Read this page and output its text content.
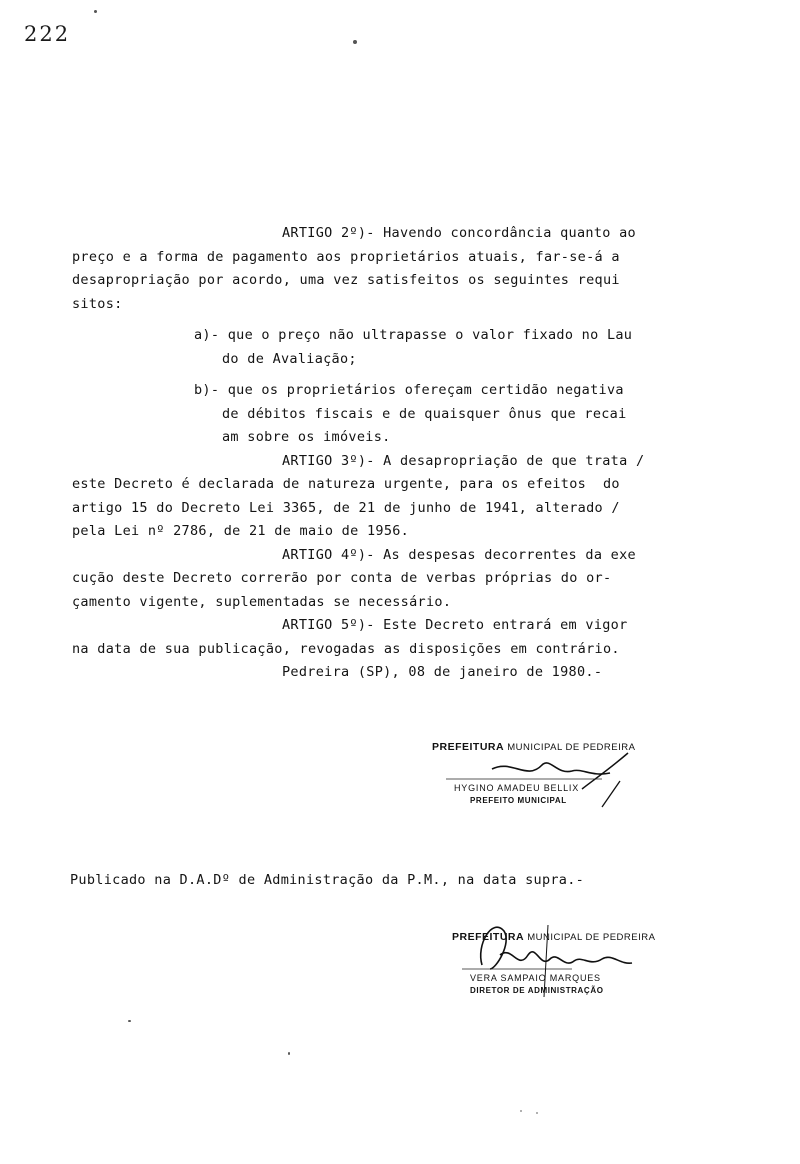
222
ARTIGO 2º)- Havendo concordância quanto ao
preço e a forma de pagamento aos proprietários atuais, far-se-á a
desapropriação por acordo, uma vez satisfeitos os seguintes requi
sitos:
a)- que o preço não ultrapasse o valor fixado no Lau
do de Avaliação;
b)- que os proprietários ofereçam certidão negativa
de débitos fiscais e de quaisquer ônus que recai
am sobre os imóveis.
ARTIGO 3º)- A desapropriação de que trata /
este Decreto é declarada de natureza urgente, para os efeitos  do
artigo 15 do Decreto Lei 3365, de 21 de junho de 1941, alterado /
pela Lei nº 2786, de 21 de maio de 1956.
ARTIGO 4º)- As despesas decorrentes da exe
cução deste Decreto correrão por conta de verbas próprias do or-
çamento vigente, suplementadas se necessário.
ARTIGO 5º)- Este Decreto entrará em vigor
na data de sua publicação, revogadas as disposições em contrário.
Pedreira (SP), 08 de janeiro de 1980.-
PREFEITURA MUNICIPAL DE PEDREIRA
HYGINO AMADEU BELLIX
PREFEITO MUNICIPAL
Publicado na D.A.Dº de Administração da P.M., na data supra.-
PREFEITURA MUNICIPAL DE PEDREIRA
VERA SAMPAIO MARQUES
DIRETOR DE ADMINISTRAÇÃO
